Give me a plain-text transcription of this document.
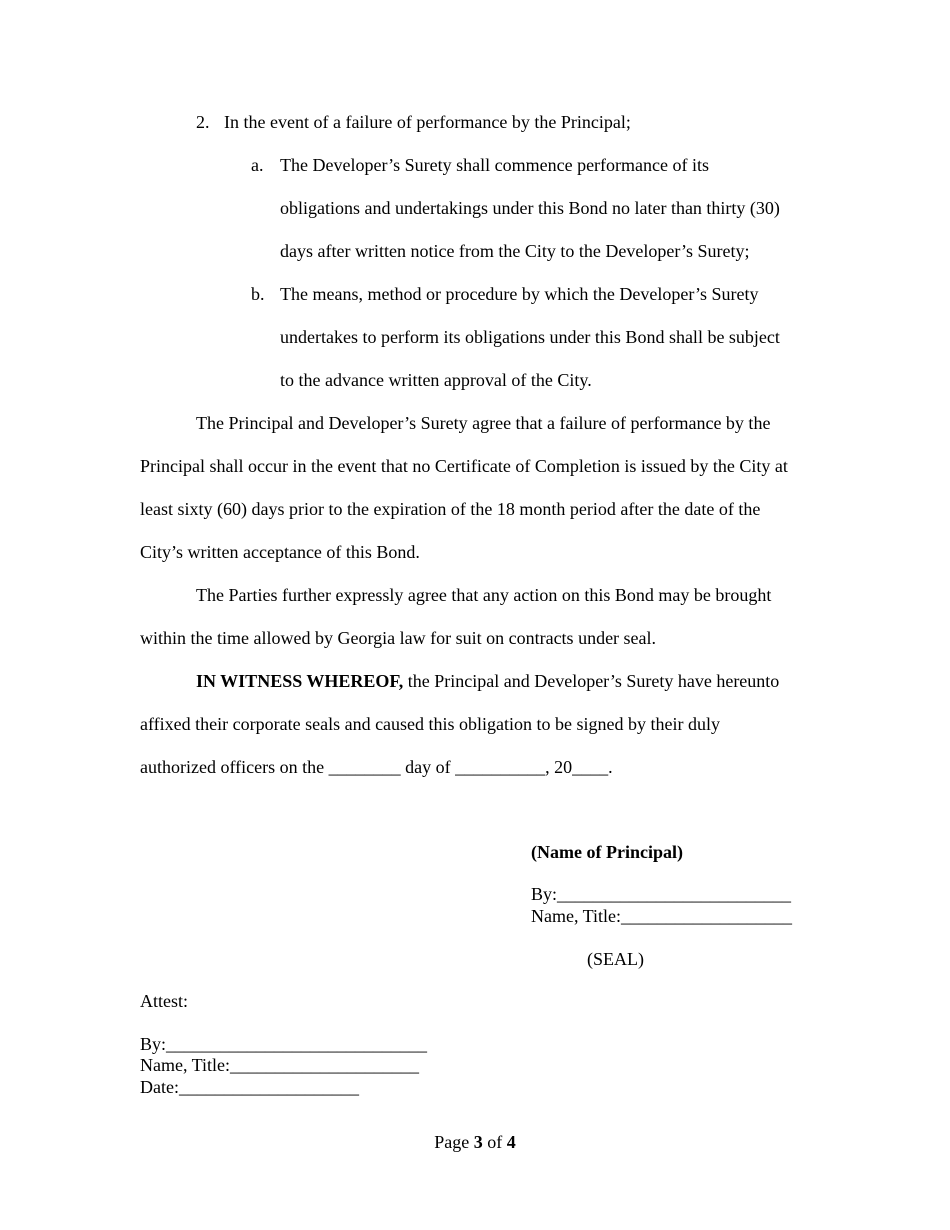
2. In the event of a failure of performance by the Principal;
a. The Developer’s Surety shall commence performance of its
obligations and undertakings under this Bond no later than thirty (30)
days after written notice from the City to the Developer’s Surety;
b. The means, method or procedure by which the Developer’s Surety
undertakes to perform its obligations under this Bond shall be subject
to the advance written approval of the City.
The Principal and Developer’s Surety agree that a failure of performance by the
Principal shall occur in the event that no Certificate of Completion is issued by the City at
least sixty (60) days prior to the expiration of the 18 month period after the date of the
City’s written acceptance of this Bond.
The Parties further expressly agree that any action on this Bond may be brought
within the time allowed by Georgia law for suit on contracts under seal.
IN WITNESS WHEREOF, the Principal and Developer’s Surety have hereunto
affixed their corporate seals and caused this obligation to be signed by their duly
authorized officers on the ________ day of __________, 20____.
(Name of Principal)
By:__________________________
Name, Title:___________________
(SEAL)
Attest:
By:_____________________________
Name, Title:_____________________
Date:____________________
Page 3 of 4
